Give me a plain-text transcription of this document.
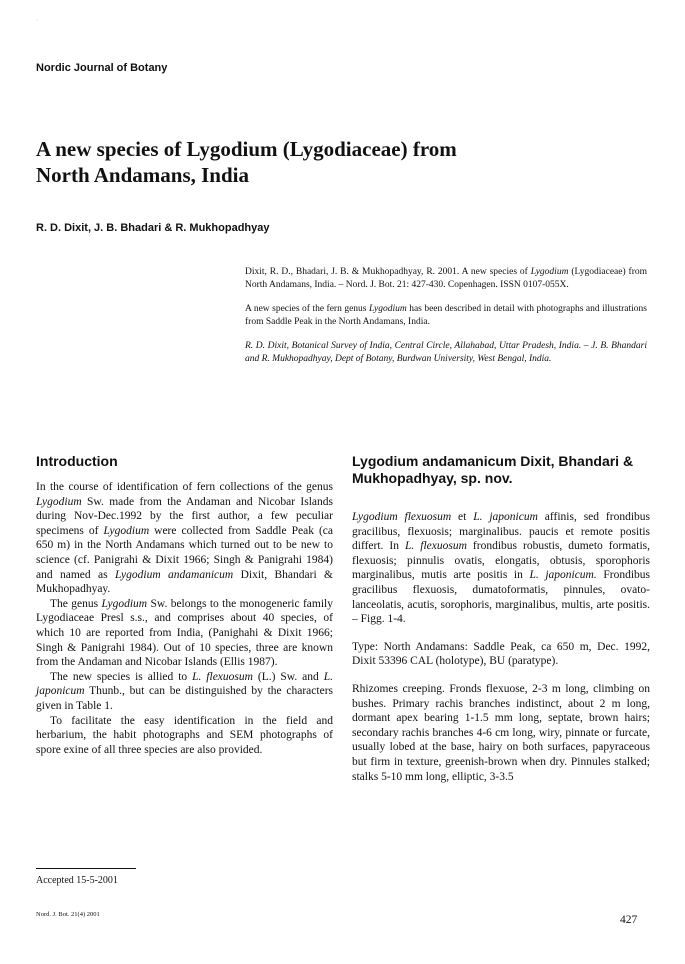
·
Nordic Journal of Botany
A new species of Lygodium (Lygodiaceae) from
North Andamans, India
R. D. Dixit, J. B. Bhadari & R. Mukhopadhyay

Dixit, R. D., Bhadari, J. B. & Mukhopadhyay, R. 2001. A new species of Lygodium (Lygodiaceae) from North Andamans, India. – Nord. J. Bot. 21: 427-430. Copenhagen. ISSN 0107-055X.

A new species of the fern genus Lygodium has been described in detail with photographs and illustrations from Saddle Peak in the North Andamans, India.

R. D. Dixit, Botanical Survey of India, Central Circle, Allahabad, Uttar Pradesh, India. – J. B. Bhandari and R. Mukhopadhyay, Dept of Botany, Burdwan University, West Bengal, India.

Introduction	Lygodium andamanicum Dixit, Bhandari & Mukhopadhyay, sp. nov.

In the course of identification of fern collections of the genus Lygodium Sw. made from the Andaman and Nicobar Islands during Nov-Dec.1992 by the first author, a few peculiar specimens of Lygodium were collected from Saddle Peak (ca 650 m) in the North Andamans which turned out to be new to science (cf. Panigrahi & Dixit 1966; Singh & Panigrahi 1984) and named as Lygodium andamanicum Dixit, Bhandari & Mukhopadhyay.

The genus Lygodium Sw. belongs to the monogeneric family Lygodiaceae Presl s.s., and comprises about 40 species, of which 10 are reported from India, (Panighahi & Dixit 1966; Singh & Panigrahi 1984). Out of 10 species, three are known from the Andaman and Nicobar Islands (Ellis 1987).

The new species is allied to L. flexuosum (L.) Sw. and L. japonicum Thunb., but can be distinguished by the characters given in Table 1.

To facilitate the easy identification in the field and herbarium, the habit photographs and SEM photographs of spore exine of all three species are also provided.

Lygodium flexuosum et L. japonicum affinis, sed frondibus gracilibus, flexuosis; marginalibus. paucis et remote positis differt. In L. flexuosum frondibus robustis, dumeto formatis, flexuosis; pinnulis ovatis, elongatis, obtusis, sporophoris marginalibus, mutis arte positis in L. japonicum. Frondibus gracilibus flexuosis, dumatoformatis, pinnules, ovato-lanceolatis, acutis, sorophoris, marginalibus, multis, arte positis. – Figg. 1-4.

Type: North Andamans: Saddle Peak, ca 650 m, Dec. 1992, Dixit 53396 CAL (holotype), BU (paratype).

Rhizomes creeping. Fronds flexuose, 2-3 m long, climbing on bushes. Primary rachis branches indistinct, about 2 m long, dormant apex bearing 1-1.5 mm long, septate, brown hairs; secondary rachis branches 4-6 cm long, wiry, pinnate or furcate, usually lobed at the base, hairy on both surfaces, papyraceous but firm in texture, greenish-brown when dry. Pinnules stalked; stalks 5-10 mm long, elliptic, 3-3.5

Accepted 15-5-2001
Nord. J. Bot. 21(4) 2001	427
